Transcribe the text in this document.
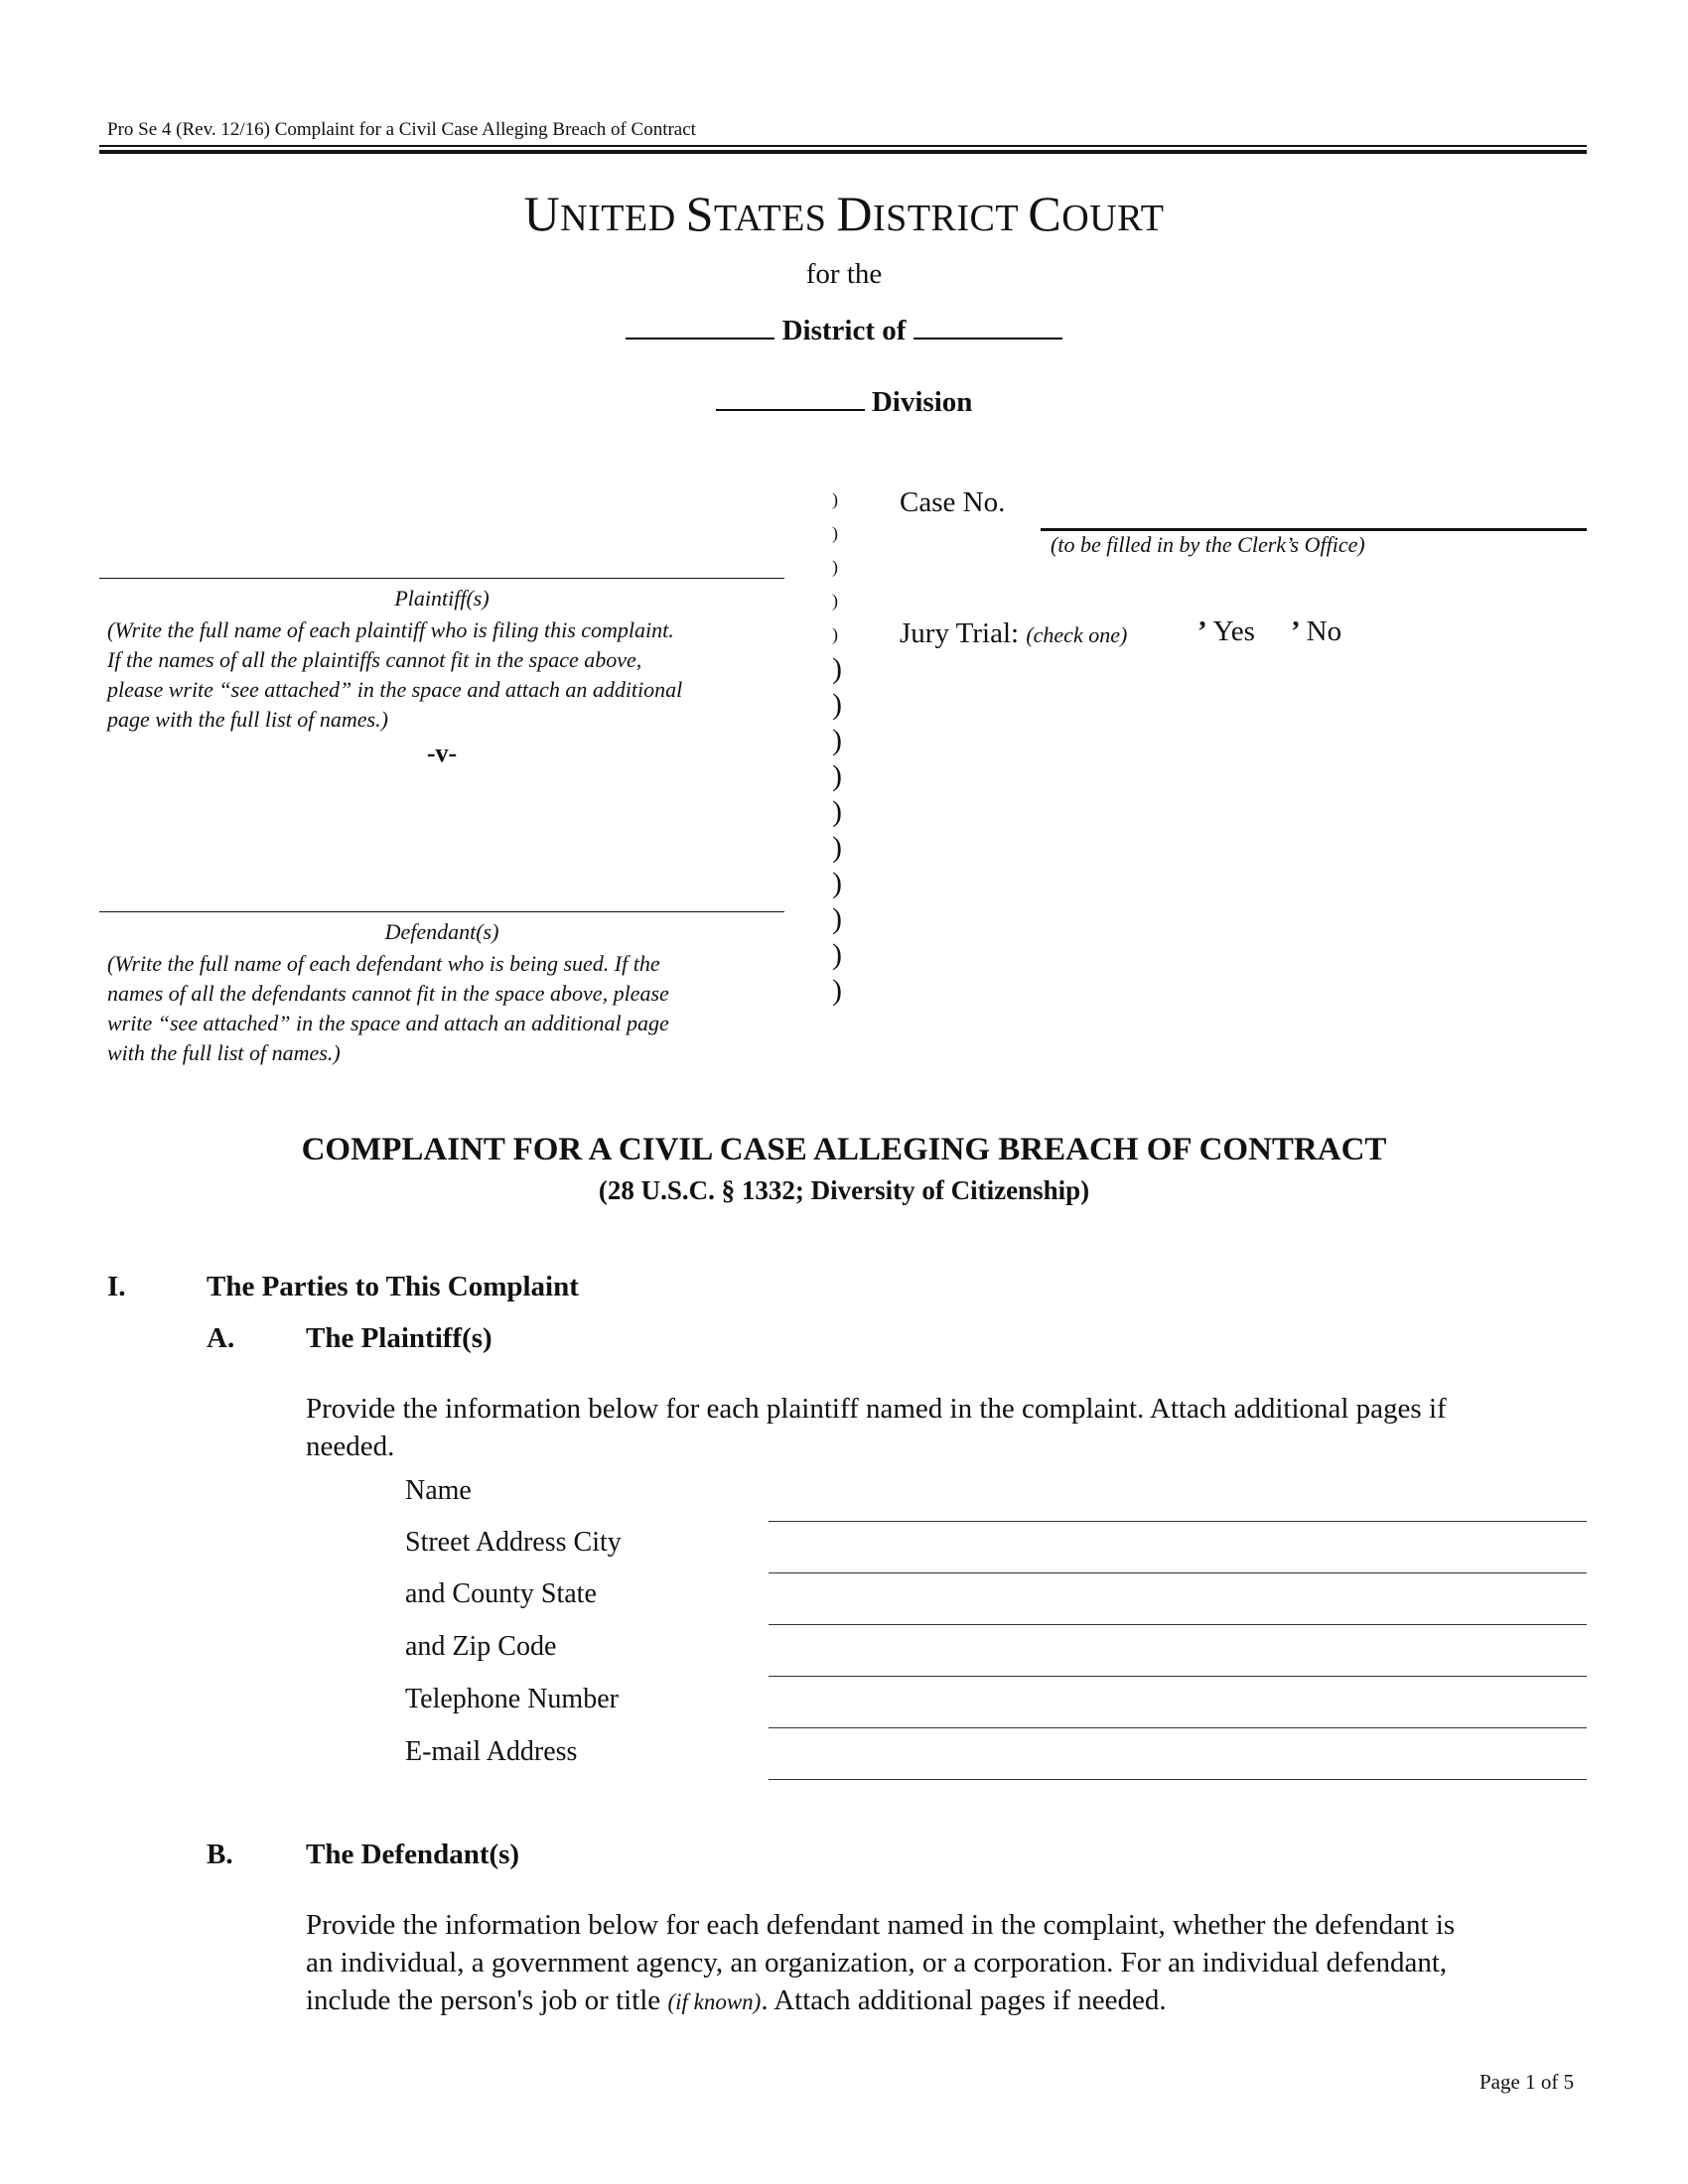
Pro Se 4 (Rev. 12/16) Complaint for a Civil Case Alleging Breach of Contract
UNITED STATES DISTRICT COURT
for the
District of
Division
Plaintiff(s)
(Write the full name of each plaintiff who is filing this complaint.
If the names of all the plaintiffs cannot fit in the space above,
please write “see attached” in the space and attach an additional
page with the full list of names.)
-v-
Defendant(s)
(Write the full name of each defendant who is being sued. If the
names of all the defendants cannot fit in the space above, please
write “see attached” in the space and attach an additional page
with the full list of names.)
)
)
)
)
)
)
)
)
)
)
)
)
)
)
)
Case No.
(to be filled in by the Clerk’s Office)
Jury Trial: (check one) ’ Yes ’ No
COMPLAINT FOR A CIVIL CASE ALLEGING BREACH OF CONTRACT
(28 U.S.C. § 1332; Diversity of Citizenship)
I.	The Parties to This Complaint
A. The Plaintiff(s)
Provide the information below for each plaintiff named in the complaint. Attach additional pages if
needed.
Name
Street Address City
and County State
and Zip Code
Telephone Number
E-mail Address
B.	The Defendant(s)
Provide the information below for each defendant named in the complaint, whether the defendant is
an individual, a government agency, an organization, or a corporation. For an individual defendant,
include the person's job or title (if known). Attach additional pages if needed.
Page 1 of 5
